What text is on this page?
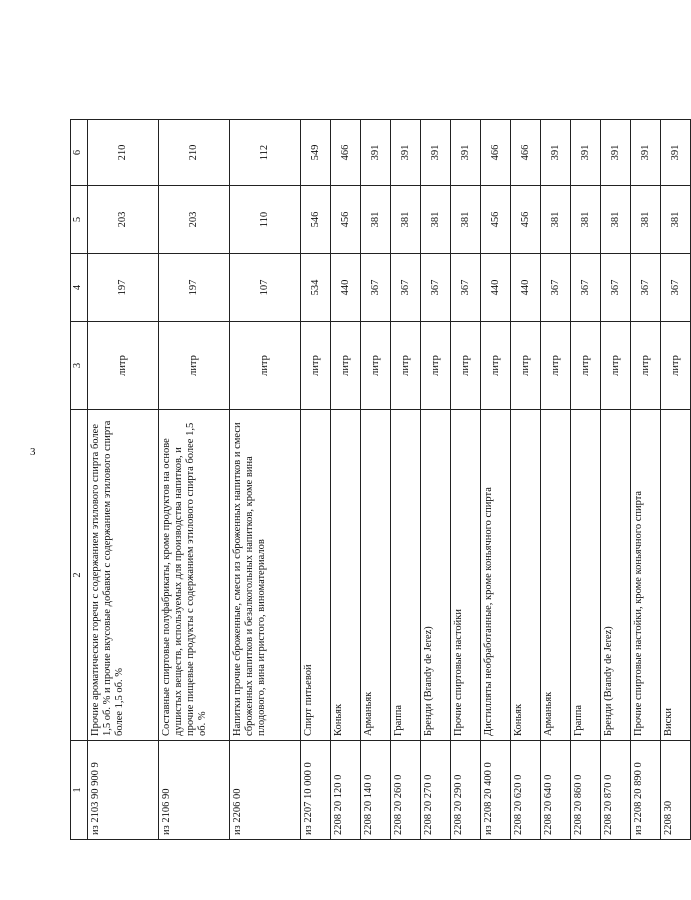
3
1	2	3	4	5	6
из 2103 90 900 9	Прочие ароматические горечи с содержанием этилового спирта более 1,5 об. % и прочие вкусовые добавки с содержанием этилового спирта более 1,5 об. %	литр	197	203	210
из 2106 90	Составные спиртовые полуфабрикаты, кроме продуктов на основе душистых веществ, используемых для производства напитков, и прочие пищевые продукты с содержанием этилового спирта более 1,5 об. %	литр	197	203	210
из 2206 00	Напитки прочие сброженные, смеси из сброженных напитков и смеси сброженных напитков и безалкогольных напитков, кроме вина плодового, вина игристого, виноматериалов	литр	107	110	112
из 2207 10 000 0	Спирт питьевой	литр	534	546	549
2208 20 120 0	Коньяк	литр	440	456	466
2208 20 140 0	Арманьяк	литр	367	381	391
2208 20 260 0	Граппа	литр	367	381	391
2208 20 270 0	Бренди (Brandy de Jerez)	литр	367	381	391
2208 20 290 0	Прочие спиртовые настойки	литр	367	381	391
из 2208 20 400 0	Дистилляты необработанные, кроме коньячного спирта	литр	440	456	466
2208 20 620 0	Коньяк	литр	440	456	466
2208 20 640 0	Арманьяк	литр	367	381	391
2208 20 860 0	Граппа	литр	367	381	391
2208 20 870 0	Бренди (Brandy de Jerez)	литр	367	381	391
из 2208 20 890 0	Прочие спиртовые настойки, кроме коньячного спирта	литр	367	381	391
2208 30	Виски	литр	367	381	391
